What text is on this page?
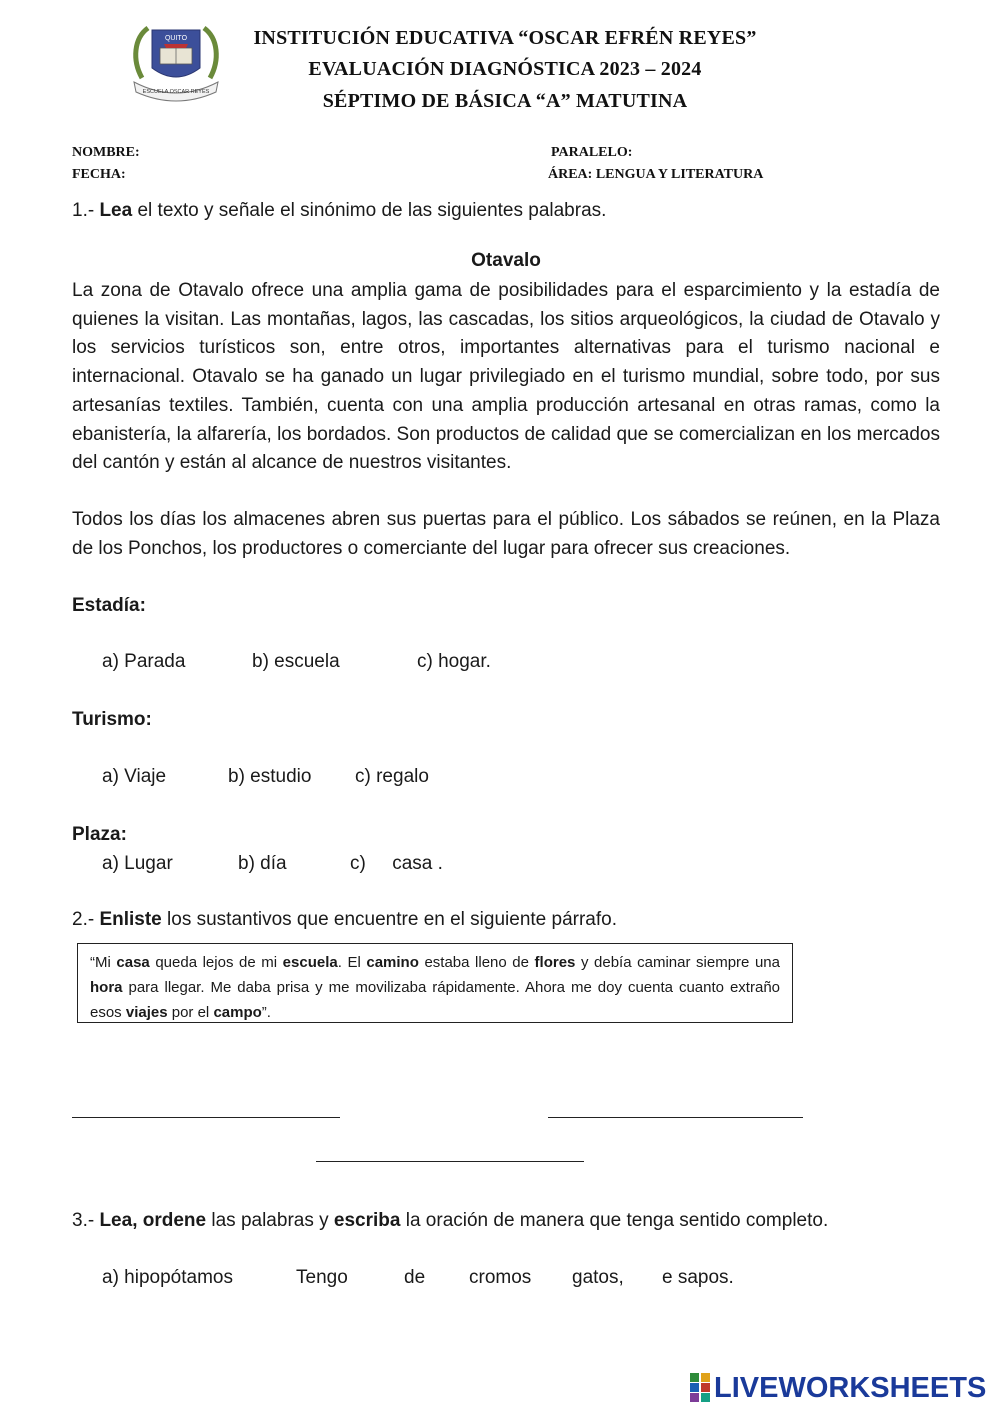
QUITO
ESCUELA OSCAR REYES
INSTITUCIÓN EDUCATIVA “OSCAR EFRÉN REYES”
EVALUACIÓN DIAGNÓSTICA 2023 – 2024
SÉPTIMO DE BÁSICA “A” MATUTINA
NOMBRE:	PARALELO:
FECHA:	ÁREA: LENGUA Y LITERATURA
1.- Lea el texto y señale el sinónimo de las siguientes palabras.
Otavalo
La zona de Otavalo ofrece una amplia gama de posibilidades para el esparcimiento y la estadía de quienes la visitan. Las montañas, lagos, las cascadas, los sitios arqueológicos, la ciudad de Otavalo y los servicios turísticos son, entre otros, importantes alternativas para el turismo nacional e internacional. Otavalo se ha ganado un lugar privilegiado en el turismo mundial, sobre todo, por sus artesanías textiles. También, cuenta con una amplia producción artesanal en otras ramas, como la ebanistería, la alfarería, los bordados. Son productos de calidad que se comercializan en los mercados del cantón y están al alcance de nuestros visitantes.
Todos los días los almacenes abren sus puertas para el público. Los sábados se reúnen, en la Plaza de los Ponchos, los productores o comerciante del lugar para ofrecer sus creaciones.
Estadía:
a) Parada	b) escuela	c) hogar.
Turismo:
a) Viaje	b) estudio c) regalo
Plaza:
a) Lugar	b) día	c)     casa .
2.- Enliste los sustantivos que encuentre en el siguiente párrafo.
“Mi casa queda lejos de mi escuela. El camino estaba lleno de flores y debía caminar siempre una hora para llegar. Me daba prisa y me movilizaba rápidamente. Ahora me doy cuenta cuanto extraño esos viajes por el campo”.
3.- Lea, ordene las palabras y escriba la oración de manera que tenga sentido completo.
a) hipopótamos	Tengo	de cromos gatos, e sapos.
LIVEWORKSHEETS
